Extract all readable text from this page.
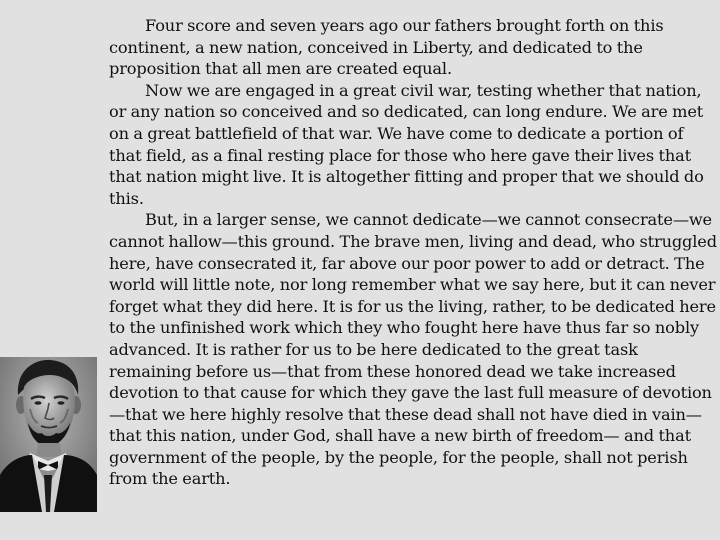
Four score and seven years ago our fathers brought forth on this continent, a new nation, conceived in Liberty, and dedicated to the proposition that all men are created equal.

Now we are engaged in a great civil war, testing whether that nation, or any nation so conceived and so dedicated, can long endure. We are met on a great battlefield of that war. We have come to dedicate a portion of that field, as a final resting place for those who here gave their lives that that nation might live. It is altogether fitting and proper that we should do this.

But, in a larger sense, we cannot dedicate—we cannot consecrate—we cannot hallow—this ground. The brave men, living and dead, who struggled here, have consecrated it, far above our poor power to add or detract. The world will little note, nor long remember what we say here, but it can never forget what they did here. It is for us the living, rather, to be dedicated here to the unfinished work which they who fought here have thus far so nobly advanced. It is rather for us to be here dedicated to the great task remaining before us—that from these honored dead we take increased devotion to that cause for which they gave the last full measure of devotion—that we here highly resolve that these dead shall not have died in vain—that this nation, under God, shall have a new birth of freedom— and that government of the people, by the people, for the people, shall not perish from the earth.
